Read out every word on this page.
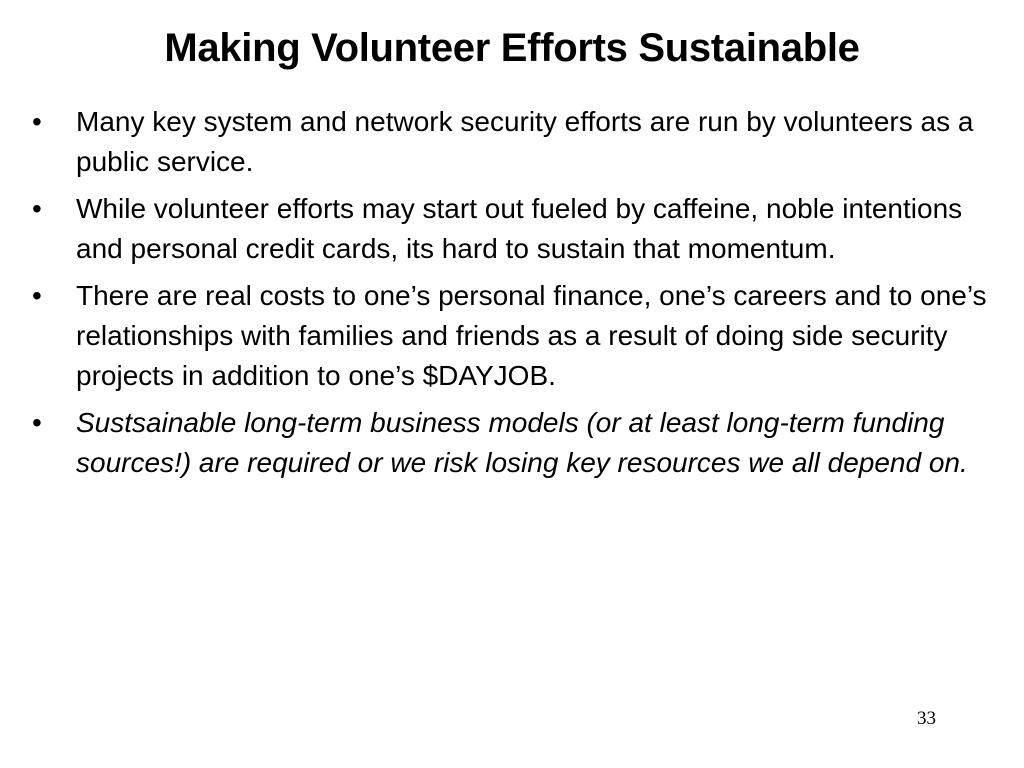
Making Volunteer Efforts Sustainable
•	Many key system and network security efforts are run by volunteers as a public service.
•	While volunteer efforts may start out fueled by caffeine, noble intentions and personal credit cards, its hard to sustain that momentum.
•	There are real costs to one’s personal finance, one’s careers and to one’s relationships with families and friends as a result of doing side security projects in addition to one’s $DAYJOB.
•	Sustsainable long-term business models (or at least long-term funding sources!) are required or we risk losing key resources we all depend on.
33
